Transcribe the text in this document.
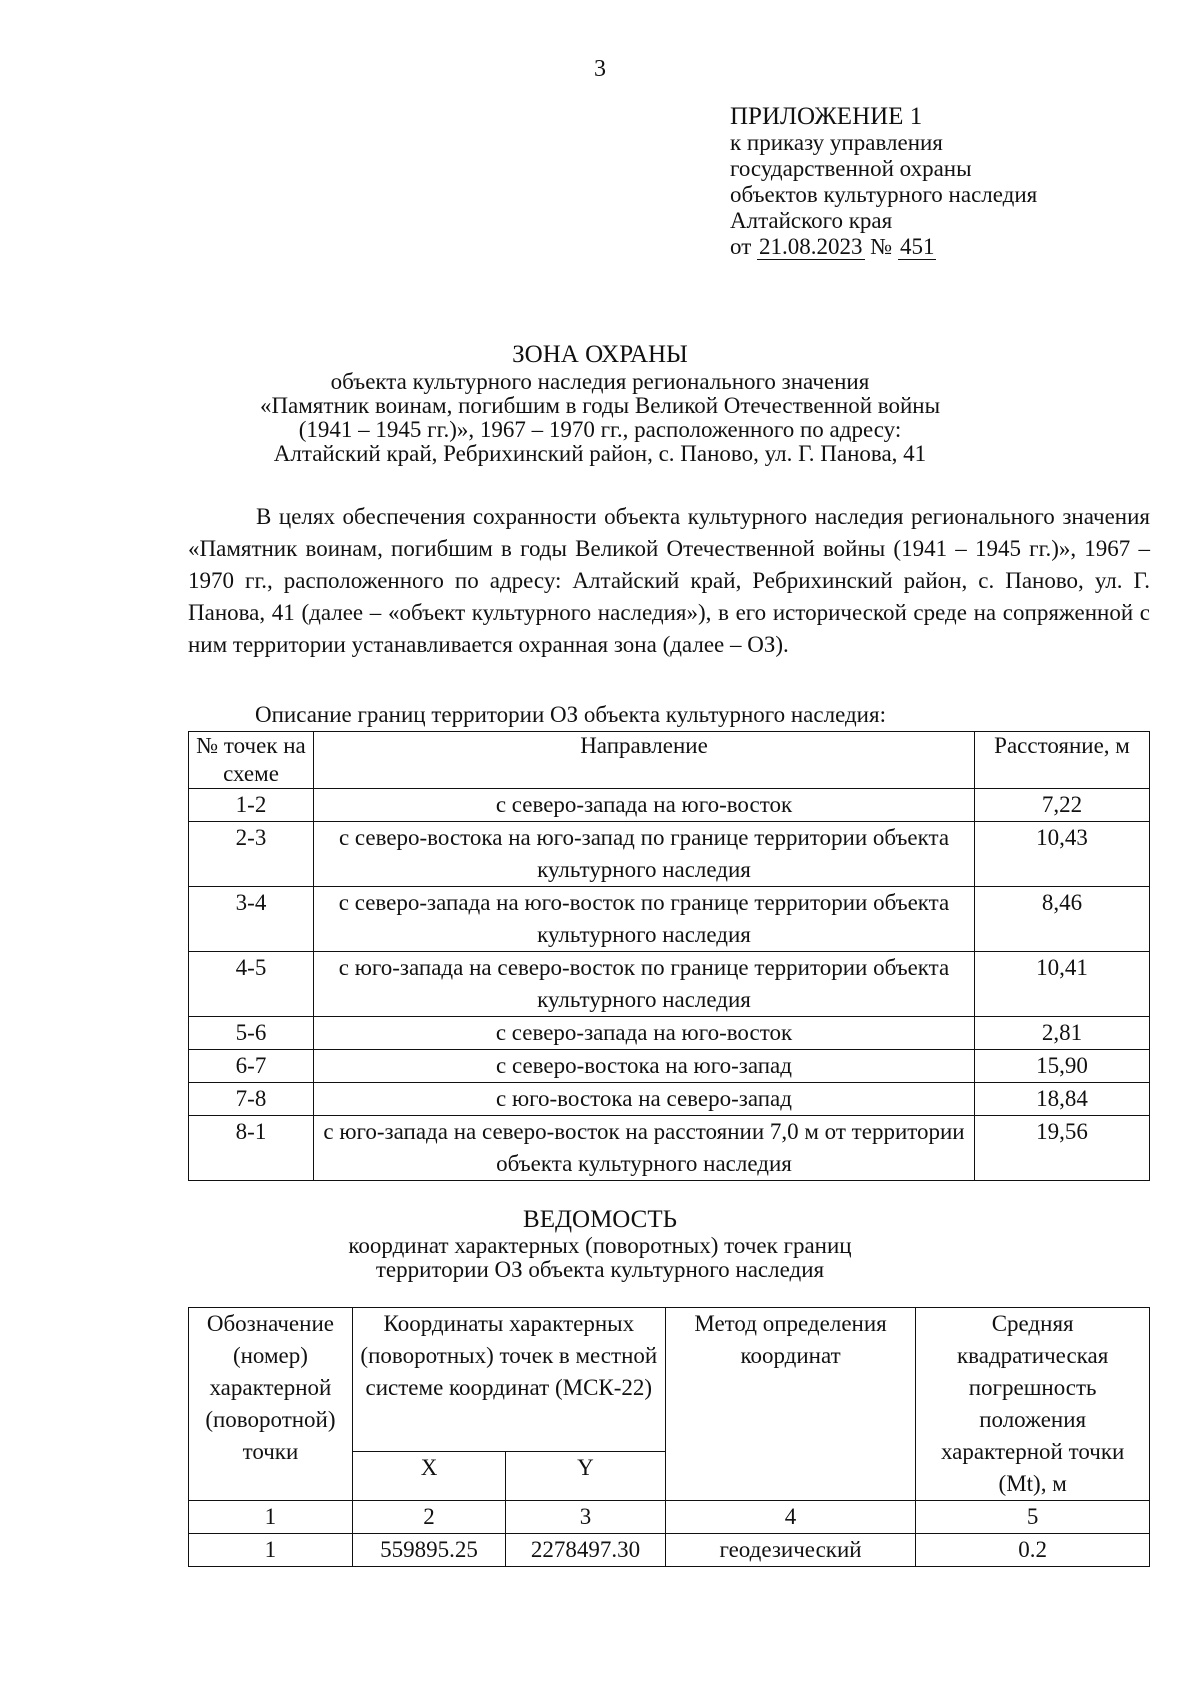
3
ПРИЛОЖЕНИЕ 1
к приказу управления
государственной охраны
объектов культурного наследия
Алтайского края
от 21.08.2023 № 451
ЗОНА ОХРАНЫ
объекта культурного наследия регионального значения
«Памятник воинам, погибшим в годы Великой Отечественной войны
(1941 – 1945 гг.)», 1967 – 1970 гг., расположенного по адресу:
Алтайский край, Ребрихинский район, с. Паново, ул. Г. Панова, 41

В целях обеспечения сохранности объекта культурного наследия регионального значения «Памятник воинам, погибшим в годы Великой Отечественной войны (1941 – 1945 гг.)», 1967 – 1970 гг., расположенного по адресу: Алтайский край, Ребрихинский район, с. Паново, ул. Г. Панова, 41 (далее – «объект культурного наследия»), в его исторической среде на сопряженной с ним территории устанавливается охранная зона (далее – ОЗ).

Описание границ территории ОЗ объекта культурного наследия:
№ точек на схеме	Направление	Расстояние, м
1-2	с северо-запада на юго-восток	7,22
2-3	с северо-востока на юго-запад по границе территории объекта культурного наследия	10,43
3-4	с северо-запада на юго-восток по границе территории объекта культурного наследия	8,46
4-5	с юго-запада на северо-восток по границе территории объекта культурного наследия	10,41
5-6	с северо-запада на юго-восток	2,81
6-7	с северо-востока на юго-запад	15,90
7-8	с юго-востока на северо-запад	18,84
8-1	с юго-запада на северо-восток на расстоянии 7,0 м от территории объекта культурного наследия	19,56
ВЕДОМОСТЬ
координат характерных (поворотных) точек границ
территории ОЗ объекта культурного наследия
Обозначение (номер) характерной (поворотной) точки	Координаты характерных (поворотных) точек в местной системе координат (МСК-22)		Метод определения координат	Средняя квадратическая погрешность положения характерной точки (Mt), м
	X	Y		
1	2	3	4	5
1	559895.25	2278497.30	геодезический	0.2
